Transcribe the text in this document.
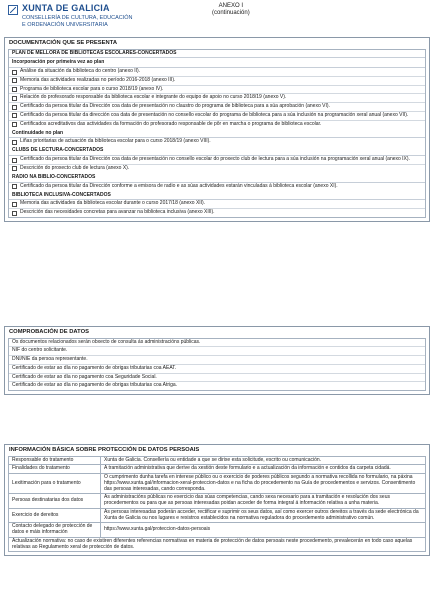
XUNTA DE GALICIA
CONSELLERÍA DE CULTURA, EDUCACIÓN
E ORDENACIÓN UNIVERSITARIA
ANEXO I
(continuación)
DOCUMENTACIÓN QUE SE PRESENTA
PLAN DE MELLORA DE BIBLIOTECAS ESCOLARES-CONCERTADOS
Incorporación por primeira vez ao plan
Análise da situación da biblioteca do centro (anexo II).
Memoria das actividades realizadas no período 2016-2018 (anexo III).
Programa de biblioteca escolar para o curso 2018/19 (anexo IV).
Relación do profesorado responsable da biblioteca escolar e integrante do equipo de apoio no curso 2018/19 (anexo V).
Certificado da persoa titular da Dirección coa data de presentación no claustro do programa de biblioteca para a súa aprobación (anexo VI).
Certificado da persoa titular da dirección coa data de presentación no consello escolar do programa de biblioteca para a súa inclusión na programación xeral anual (anexo VII).
Certificados acreditativos das actividades da formación do profesorado responsable de pôr en marcha o programa de biblioteca escolar.
Continuidade no plan
Liñas prioritarias de actuación da biblioteca escolar para o curso 2018/19 (anexo VIII).
CLUBS DE LECTURA-CONCERTADOS
Certificado da persoa titular da Dirección coa data de presentación no consello escolar do proxecto club de lectura para a súa inclusión na programación xeral anual (anexo IX).
Descrición do proxecto club de lectura (anexo X).
RADIO NA BIBLIO-CONCERTADOS
Certificado da persoa titular da Dirección conforme a emisora de radio e as súas actividades estarán vinculadas á biblioteca escolar (anexo XI).
BIBLIOTECA INCLUSIVA-CONCERTADOS
Memoria das actividades da biblioteca escolar durante o curso 2017/18 (anexo XII).
Descrición das necesidades concretas para avanzar na biblioteca inclusiva (anexo XIII).
COMPROBACIÓN DE DATOS
Os documentos relacionados serán obxecto de consulta ás administracións públicas.
NIF do centro solicitante.
DNI/NIE da persoa representante.
Certificado de estar ao día no pagamento de obrigas tributarias coa AEAT.
Certificado de estar ao día no pagamento coa Seguridade Social.
Certificado de estar ao día no pagamento de obrigas tributarias coa Atriga.
INFORMACIÓN BÁSICA SOBRE PROTECCIÓN DE DATOS PERSOAIS
Responsable do tratamento	Xunta de Galicia. Consellería ou entidade a que se dirixe esta solicitude, escrito ou comunicación.
Finalidades do tratamento	A tramitación administrativa que derive da xestión deste formulario e a actualización da información e contidos da carpeta cidadá.
Lexitimación para o tratamento	O cumprimento dunha tarefa en interese público ou o exercicio de poderes públicos segundo a normativa recollida no formulario, na páxina https://www.xunta.gal/informacion-xeral-proteccion-datos e na ficha do procedemento na Guía de procedementos e servizos. Consentimento das persoas interesadas, cando corresponda.
Persoas destinatarias dos datos	As administracións públicas no exercicio das súas competencias, cando sexa necesario para a tramitación e resolución dos seus procedementos ou para que as persoas interesadas poidan acceder de forma integral á información relativa a unha materia.
Exercicio de dereitos	As persoas interesadas poderán acceder, rectificar e suprimir os seus datos, así como exercer outros dereitos a través da sede electrónica da Xunta de Galicia ou nos lugares e rexistros establecidos na normativa reguladora do procedemento administrativo común.
Contacto delegado de protección de datos e máis información	https://www.xunta.gal/proteccion-datos-persoais
Actualización normativa: no caso de existiren diferentes referencias normativas en materia de protección de datos persoais neste procedemento, prevalecerán en todo caso aquelas relativas ao Regulamento xeral de protección de datos.	
